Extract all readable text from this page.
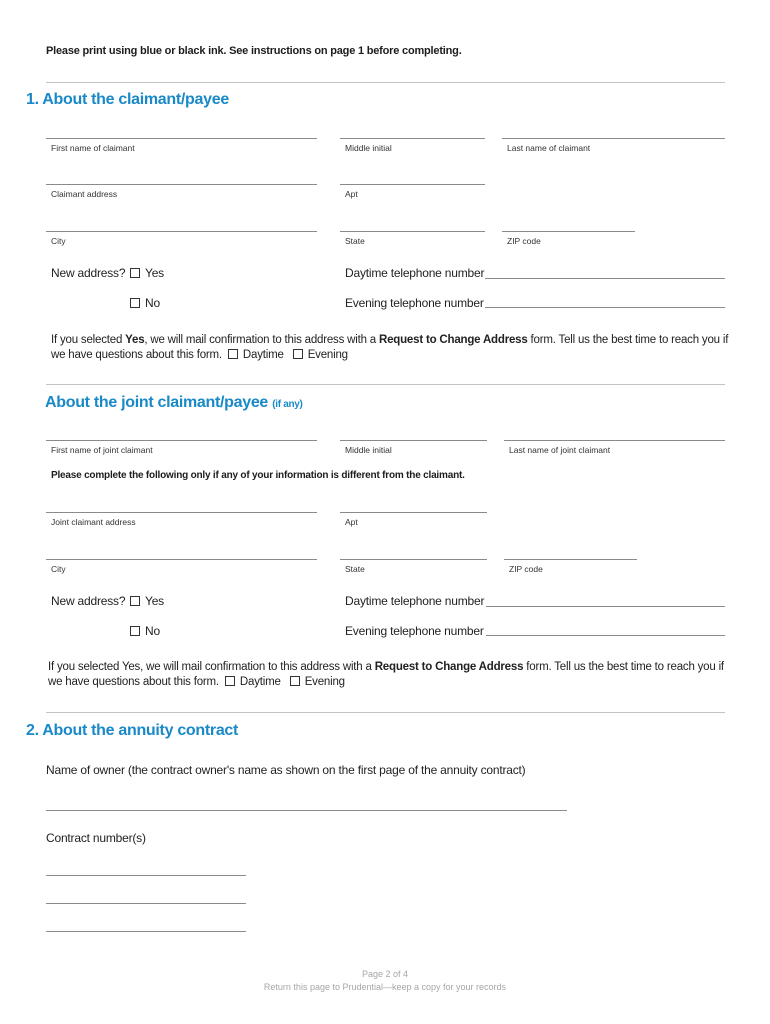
Please print using blue or black ink. See instructions on page 1 before completing.
1. About the claimant/payee
First name of claimant	Middle initial	Last name of claimant
Claimant address	Apt
City	State	ZIP code
New address?	Yes
No
Daytime telephone number
Evening telephone number
If you selected Yes, we will mail confirmation to this address with a Request to Change Address form. Tell us the best time to reach you if we have questions about this form. Daytime Evening
About the joint claimant/payee (if any)
First name of joint claimant	Middle initial	Last name of joint claimant
Please complete the following only if any of your information is different from the claimant.
Joint claimant address	Apt
City	State	ZIP code
New address?	Yes
No
Daytime telephone number
Evening telephone number
If you selected Yes, we will mail confirmation to this address with a Request to Change Address form. Tell us the best time to reach you if we have questions about this form. Daytime Evening
2. About the annuity contract
Name of owner (the contract owner's name as shown on the first page of the annuity contract)
Contract number(s)
Page 2 of 4
Return this page to Prudential—keep a copy for your records
